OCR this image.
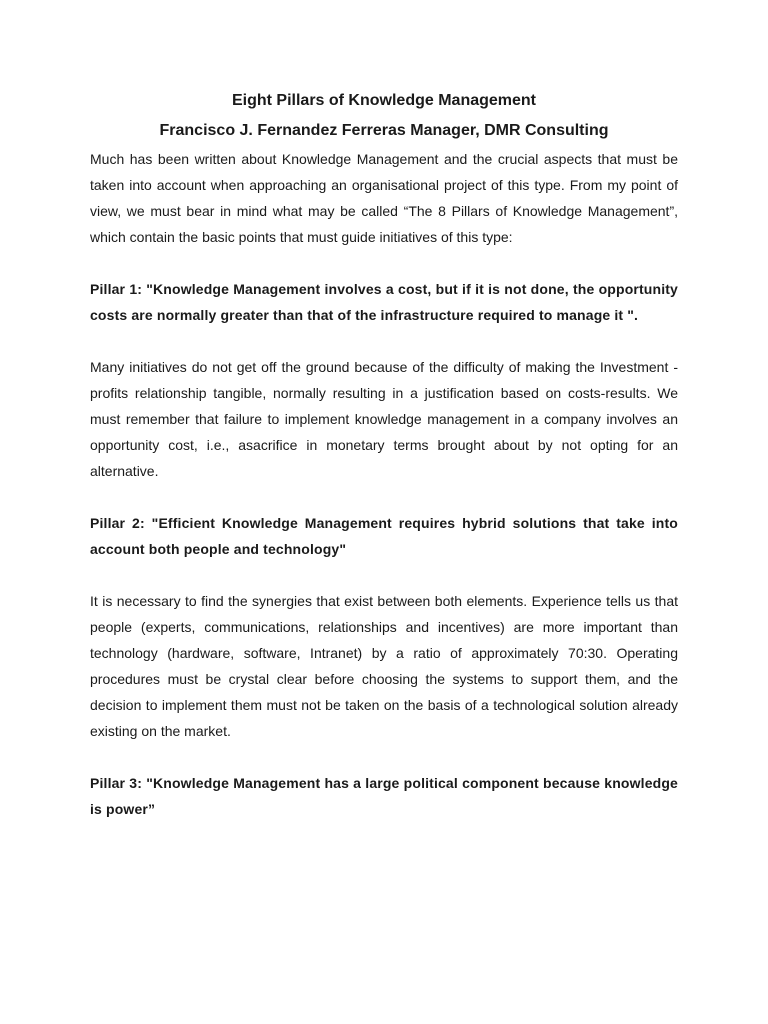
Eight Pillars of Knowledge Management
Francisco J. Fernandez Ferreras Manager, DMR Consulting

Much has been written about Knowledge Management and the crucial aspects that must be taken into account when approaching an organisational project of this type. From my point of view, we must bear in mind what may be called “The 8 Pillars of Knowledge Management”, which contain the basic points that must guide initiatives of this type:

Pillar 1: "Knowledge Management involves a cost, but if it is not done, the opportunity costs are normally greater than that of the infrastructure required to manage it ".

Many initiatives do not get off the ground because of the difficulty of making the Investment - profits relationship tangible, normally resulting in a justification based on costs-results. We must remember that failure to implement knowledge management in a company involves an opportunity cost, i.e., asacrifice in monetary terms brought about by not opting for an alternative.

Pillar 2: "Efficient Knowledge Management requires hybrid solutions that take into account both people and technology"

It is necessary to find the synergies that exist between both elements. Experience tells us that people (experts, communications, relationships and incentives) are more important than technology (hardware, software, Intranet) by a ratio of approximately 70:30. Operating procedures must be crystal clear before choosing the systems to support them, and the decision to implement them must not be taken on the basis of a technological solution already existing on the market.

Pillar 3: "Knowledge Management has a large political component because knowledge is power”
